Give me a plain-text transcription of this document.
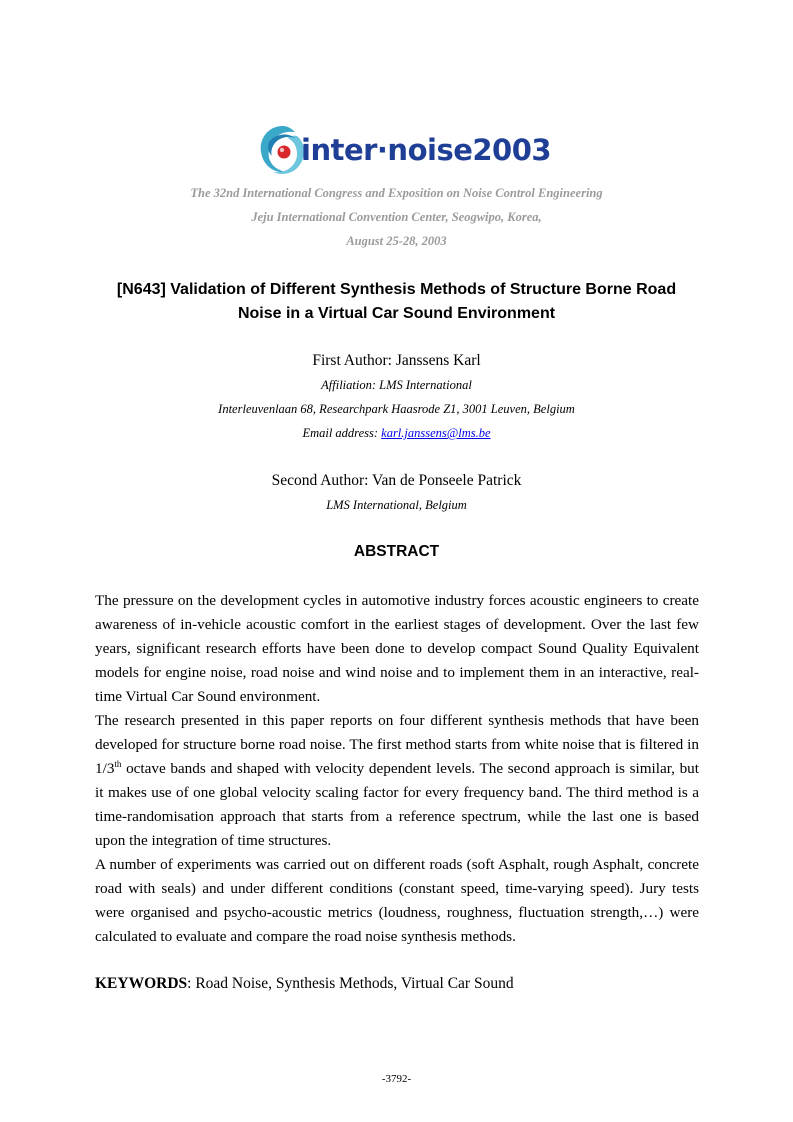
inter·noise2003
The 32nd International Congress and Exposition on Noise Control Engineering
Jeju International Convention Center, Seogwipo, Korea,
August 25-28, 2003
[N643] Validation of Different Synthesis Methods of Structure Borne Road
Noise in a Virtual Car Sound Environment
First Author: Janssens Karl
Affiliation: LMS International
Interleuvenlaan 68, Researchpark Haasrode Z1, 3001 Leuven, Belgium
Email address: karl.janssens@lms.be
Second Author: Van de Ponseele Patrick
LMS International, Belgium
ABSTRACT

The pressure on the development cycles in automotive industry forces acoustic engineers to create awareness of in-vehicle acoustic comfort in the earliest stages of development. Over the last few years, significant research efforts have been done to develop compact Sound Quality Equivalent models for engine noise, road noise and wind noise and to implement them in an interactive, real-time Virtual Car Sound environment.

The research presented in this paper reports on four different synthesis methods that have been developed for structure borne road noise. The first method starts from white noise that is filtered in 1/3th octave bands and shaped with velocity dependent levels. The second approach is similar, but it makes use of one global velocity scaling factor for every frequency band. The third method is a time-randomisation approach that starts from a reference spectrum, while the last one is based upon the integration of time structures.

A number of experiments was carried out on different roads (soft Asphalt, rough Asphalt, concrete road with seals) and under different conditions (constant speed, time-varying speed). Jury tests were organised and psycho-acoustic metrics (loudness, roughness, fluctuation strength,…) were calculated to evaluate and compare the road noise synthesis methods.

KEYWORDS: Road Noise, Synthesis Methods, Virtual Car Sound
-3792-
